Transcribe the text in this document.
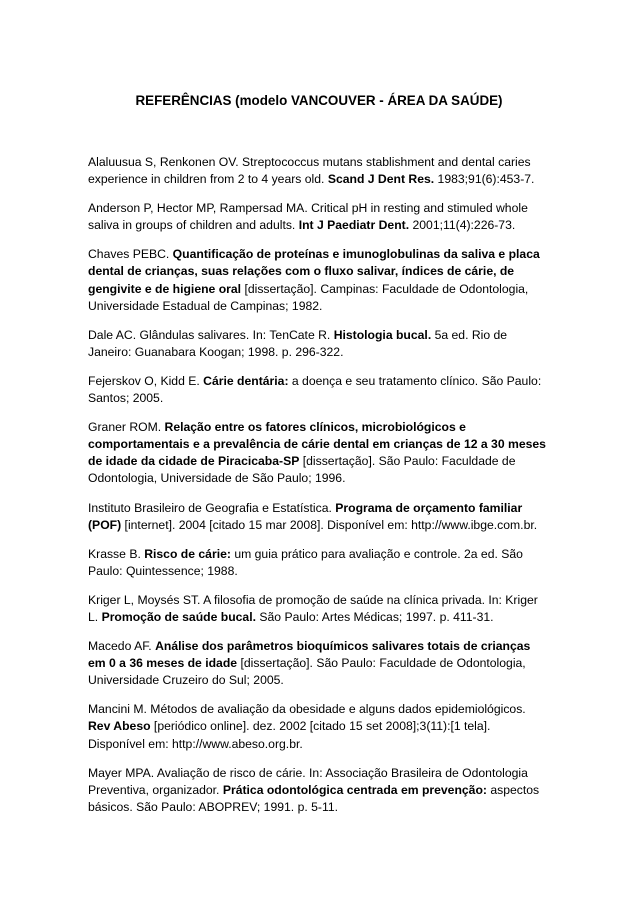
REFERÊNCIAS (modelo VANCOUVER - ÁREA DA SAÚDE)
Alaluusua S, Renkonen OV. Streptococcus mutans stablishment and dental caries
experience in children from 2 to 4 years old. Scand J Dent Res. 1983;91(6):453-7.
Anderson P, Hector MP, Rampersad MA. Critical pH in resting and stimuled whole
saliva in groups of children and adults. Int J Paediatr Dent. 2001;11(4):226-73.
Chaves PEBC. Quantificação de proteínas e imunoglobulinas da saliva e placa
dental de crianças, suas relações com o fluxo salivar, índices de cárie, de
gengivite e de higiene oral [dissertação]. Campinas: Faculdade de Odontologia,
Universidade Estadual de Campinas; 1982.
Dale AC. Glândulas salivares. In: TenCate R. Histologia bucal. 5a ed. Rio de
Janeiro: Guanabara Koogan; 1998. p. 296-322.
Fejerskov O, Kidd E. Cárie dentária: a doença e seu tratamento clínico. São Paulo:
Santos; 2005.
Graner ROM. Relação entre os fatores clínicos, microbiológicos e
comportamentais e a prevalência de cárie dental em crianças de 12 a 30 meses
de idade da cidade de Piracicaba-SP [dissertação]. São Paulo: Faculdade de
Odontologia, Universidade de São Paulo; 1996.
Instituto Brasileiro de Geografia e Estatística. Programa de orçamento familiar
(POF) [internet]. 2004 [citado 15 mar 2008]. Disponível em: http://www.ibge.com.br.
Krasse B. Risco de cárie: um guia prático para avaliação e controle. 2a ed. São
Paulo: Quintessence; 1988.
Kriger L, Moysés ST. A filosofia de promoção de saúde na clínica privada. In: Kriger
L. Promoção de saúde bucal. São Paulo: Artes Médicas; 1997. p. 411-31.
Macedo AF. Análise dos parâmetros bioquímicos salivares totais de crianças
em 0 a 36 meses de idade [dissertação]. São Paulo: Faculdade de Odontologia,
Universidade Cruzeiro do Sul; 2005.
Mancini M. Métodos de avaliação da obesidade e alguns dados epidemiológicos.
Rev Abeso [periódico online]. dez. 2002 [citado 15 set 2008];3(11):[1 tela].
Disponível em: http://www.abeso.org.br.
Mayer MPA. Avaliação de risco de cárie. In: Associação Brasileira de Odontologia
Preventiva, organizador. Prática odontológica centrada em prevenção: aspectos
básicos. São Paulo: ABOPREV; 1991. p. 5-11.
